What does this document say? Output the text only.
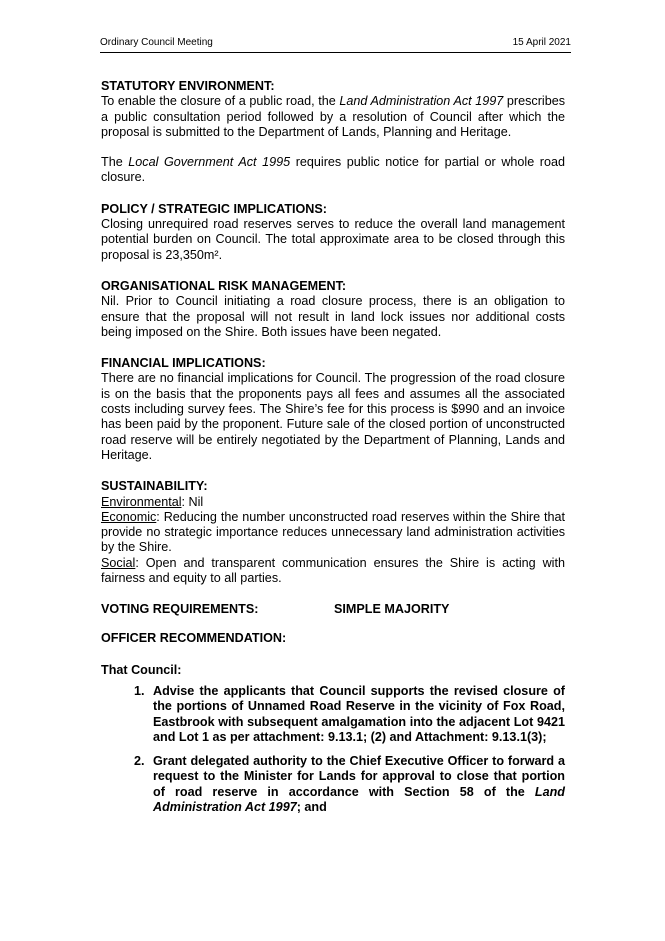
Ordinary Council Meeting	15 April 2021

STATUTORY ENVIRONMENT:

To enable the closure of a public road, the Land Administration Act 1997 prescribes a public consultation period followed by a resolution of Council after which the proposal is submitted to the Department of Lands, Planning and Heritage.

The Local Government Act 1995 requires public notice for partial or whole road closure.

POLICY / STRATEGIC IMPLICATIONS:

Closing unrequired road reserves serves to reduce the overall land management potential burden on Council. The total approximate area to be closed through this proposal is 23,350m².

ORGANISATIONAL RISK MANAGEMENT:

Nil. Prior to Council initiating a road closure process, there is an obligation to ensure that the proposal will not result in land lock issues nor additional costs being imposed on the Shire. Both issues have been negated.

FINANCIAL IMPLICATIONS:

There are no financial implications for Council. The progression of the road closure is on the basis that the proponents pays all fees and assumes all the associated costs including survey fees. The Shire’s fee for this process is $990 and an invoice has been paid by the proponent. Future sale of the closed portion of unconstructed road reserve will be entirely negotiated by the Department of Planning, Lands and Heritage.

SUSTAINABILITY:

Environmental: Nil

Economic: Reducing the number unconstructed road reserves within the Shire that provide no strategic importance reduces unnecessary land administration activities by the Shire.

Social: Open and transparent communication ensures the Shire is acting with fairness and equity to all parties.

VOTING REQUIREMENTS:	SIMPLE MAJORITY

OFFICER RECOMMENDATION:

That Council:

1. Advise the applicants that Council supports the revised closure of the portions of Unnamed Road Reserve in the vicinity of Fox Road, Eastbrook with subsequent amalgamation into the adjacent Lot 9421 and Lot 1 as per attachment: 9.13.1; (2) and Attachment: 9.13.1(3);
2. Grant delegated authority to the Chief Executive Officer to forward a request to the Minister for Lands for approval to close that portion of road reserve in accordance with Section 58 of the Land Administration Act 1997; and
